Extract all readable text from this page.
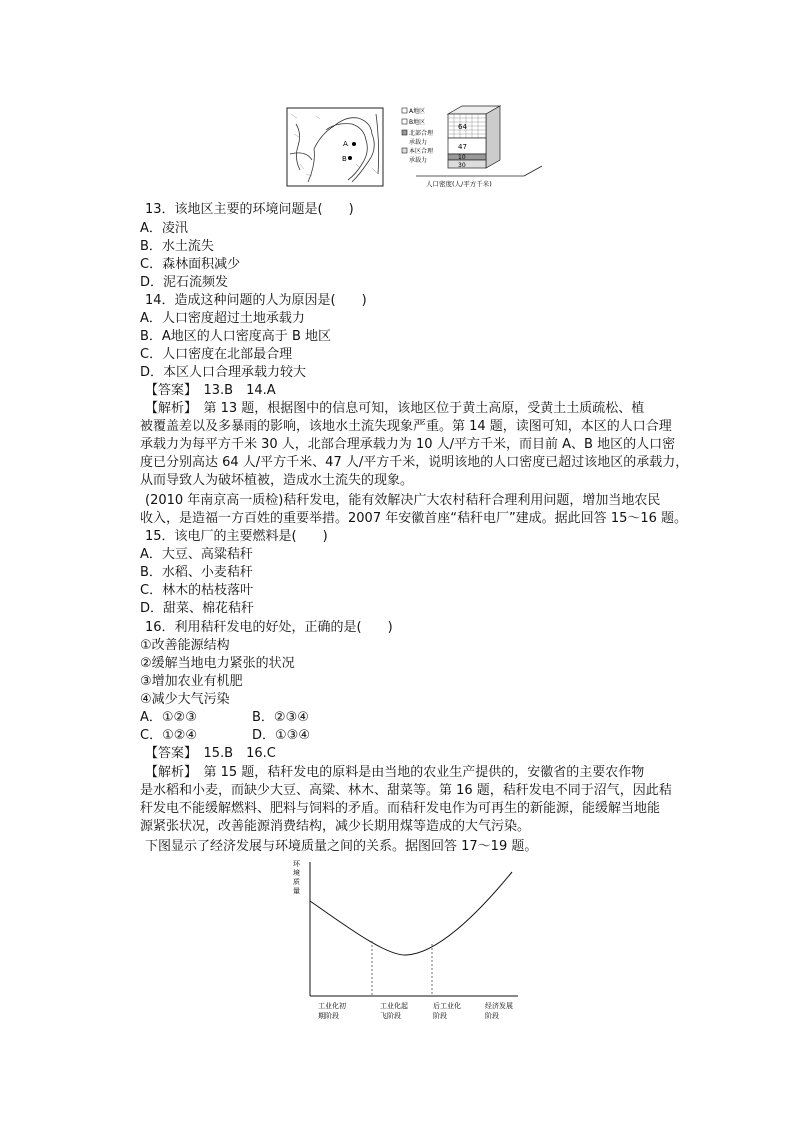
A
B
A地区
B地区
北部合理
承载力
本区合理
承载力
64
47
10
30
人口密度(人/平方千米)
13．该地区主要的环境问题是(　　)
A．凌汛
B．水土流失
C．森林面积减少
D．泥石流频发
14．造成这种问题的人为原因是(　　)
A．人口密度超过土地承载力
B．A地区的人口密度高于 B 地区
C．人口密度在北部最合理
D．本区人口合理承载力较大
【答案】　13.B　14.A
【解析】　第 13 题，根据图中的信息可知，该地区位于黄土高原，受黄土土质疏松、植
被覆盖差以及多暴雨的影响，该地水土流失现象严重。第 14 题，读图可知，本区的人口合理
承载力为每平方千米 30 人，北部合理承载力为 10 人/平方千米，而目前 A、B 地区的人口密
度已分别高达 64 人/平方千米、47 人/平方千米，说明该地的人口密度已超过该地区的承载力，
从而导致人为破坏植被，造成水土流失的现象。
(2010 年南京高一质检)秸秆发电，能有效解决广大农村秸秆合理利用问题，增加当地农民
收入，是造福一方百姓的重要举措。2007 年安徽首座“秸秆电厂”建成。据此回答 15～16 题。
15．该电厂的主要燃料是(　　)
A．大豆、高粱秸秆
B．水稻、小麦秸秆
C．林木的枯枝落叶
D．甜菜、棉花秸秆
16．利用秸秆发电的好处，正确的是(　　)
①改善能源结构
②缓解当地电力紧张的状况
③增加农业有机肥
④减少大气污染
A．①②③	B．②③④
C．①②④	D．①③④
【答案】　15.B　16.C
【解析】　第 15 题，秸秆发电的原料是由当地的农业生产提供的，安徽省的主要农作物
是水稻和小麦，而缺少大豆、高粱、林木、甜菜等。第 16 题，秸秆发电不同于沼气，因此秸
秆发电不能缓解燃料、肥料与饲料的矛盾。而秸秆发电作为可再生的新能源，能缓解当地能
源紧张状况，改善能源消费结构，减少长期用煤等造成的大气污染。
下图显示了经济发展与环境质量之间的关系。据图回答 17～19 题。
环
境
质
量
工业化初
期阶段
工业化起
飞阶段
后工业化
阶段
经济发展
阶段
